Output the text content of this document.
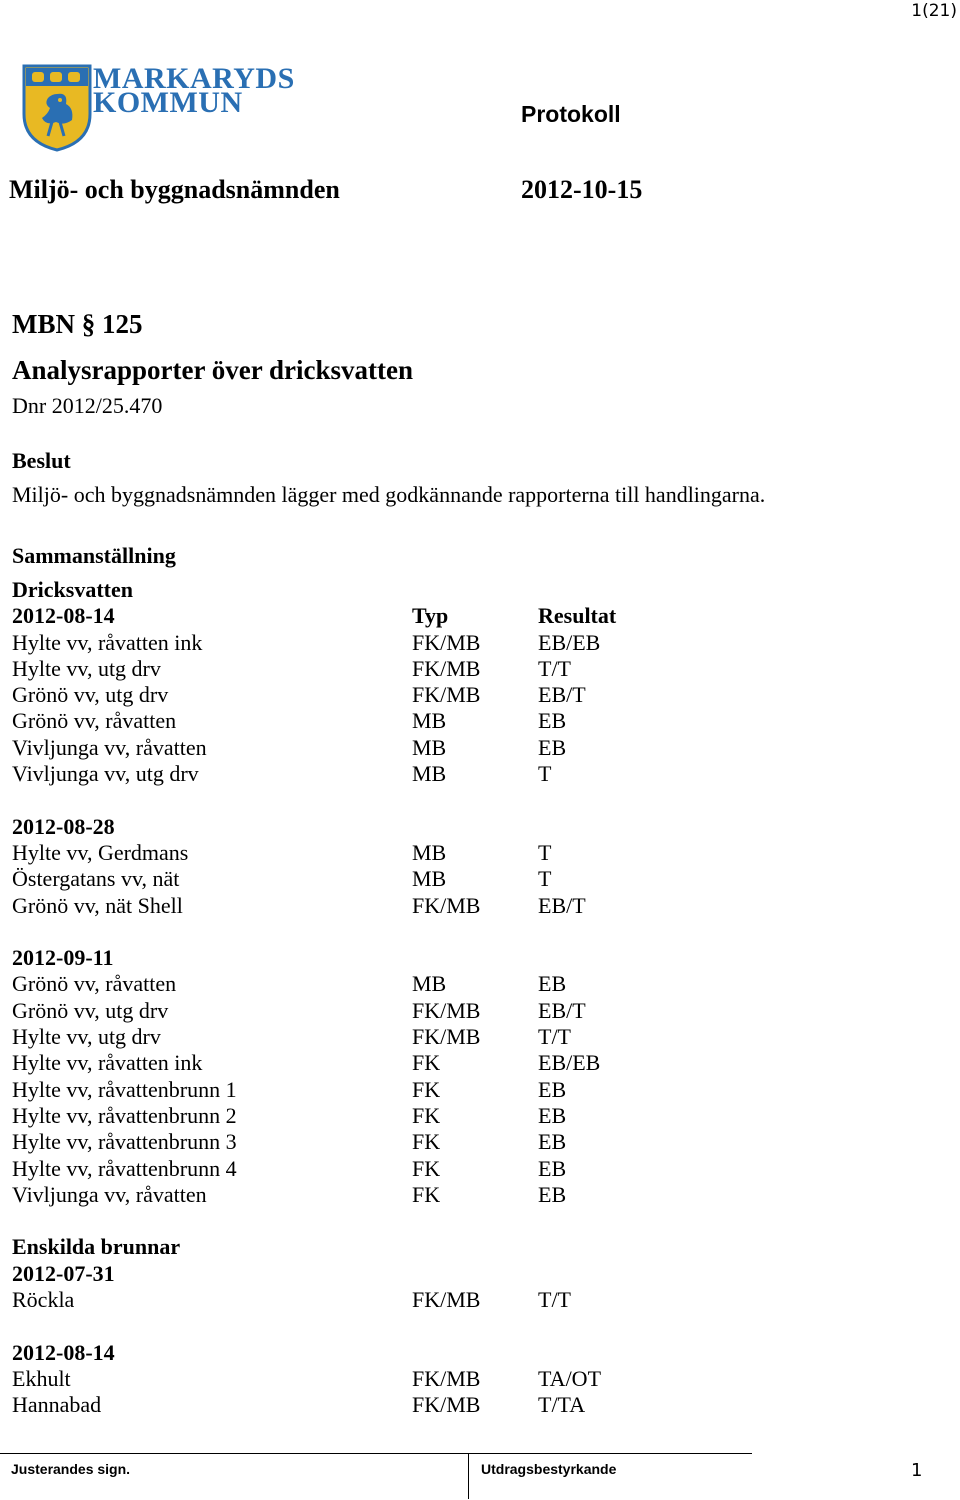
1(21)
MARKARYDS
KOMMUN	Protokoll
Miljö- och byggnadsnämnden	2012-10-15
MBN § 125
Analysrapporter över dricksvatten
Dnr 2012/25.470
Beslut
Miljö- och byggnadsnämnden lägger med godkännande rapporterna till handlingarna.
Sammanställning
Dricksvatten
2012-08-14	Typ	Resultat
Hylte vv, råvatten ink	FK/MB	EB/EB
Hylte vv, utg drv	FK/MB	T/T
Grönö vv, utg drv	FK/MB	EB/T
Grönö vv, råvatten	MB	EB
Vivljunga vv, råvatten	MB	EB
Vivljunga vv, utg drv	MB	T
2012-08-28
Hylte vv, Gerdmans	MB	T
Östergatans vv, nät	MB	T
Grönö vv, nät Shell	FK/MB	EB/T
2012-09-11
Grönö vv, råvatten	MB	EB
Grönö vv, utg drv	FK/MB	EB/T
Hylte vv, utg drv	FK/MB	T/T
Hylte vv, råvatten ink	FK	EB/EB
Hylte vv, råvattenbrunn 1	FK	EB
Hylte vv, råvattenbrunn 2	FK	EB
Hylte vv, råvattenbrunn 3	FK	EB
Hylte vv, råvattenbrunn 4	FK	EB
Vivljunga vv, råvatten	FK	EB
Enskilda brunnar
2012-07-31
Röckla	FK/MB	T/T
2012-08-14
Ekhult	FK/MB	TA/OT
Hannabad	FK/MB	T/TA
Justerandes sign.	Utdragsbestyrkande	1
